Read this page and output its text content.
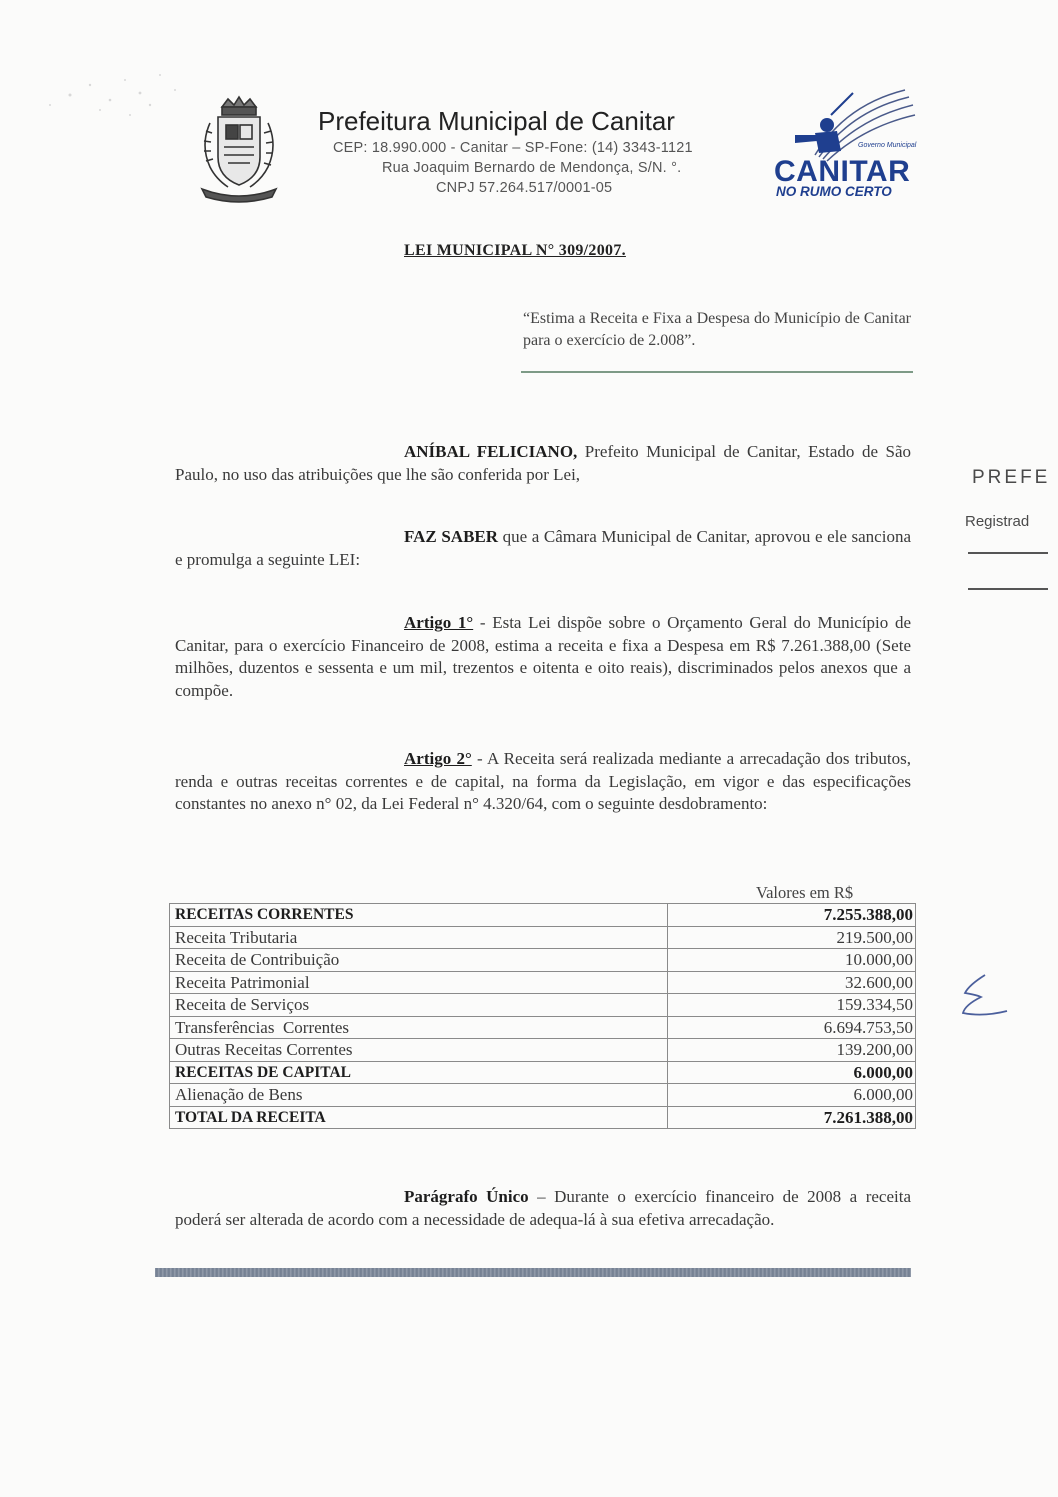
Prefeitura Municipal de Canitar
CEP: 18.990.000 - Canitar – SP-Fone: (14) 3343-1121
Rua Joaquim Bernardo de Mendonça, S/N. °.
CNPJ 57.264.517/0001-05
Governo Municipal
CANITAR
NO RUMO CERTO
LEI MUNICIPAL N° 309/2007.
“Estima a Receita e Fixa a Despesa do Município de Canitar para o exercício de 2.008”.
ANÍBAL FELICIANO, Prefeito Municipal de Canitar, Estado de São Paulo, no uso das atribuições que lhe são conferida por Lei,
FAZ SABER que a Câmara Municipal de Canitar, aprovou e ele sanciona e promulga a seguinte LEI:
Artigo 1° - Esta Lei dispõe sobre o Orçamento Geral do Município de Canitar, para o exercício Financeiro de 2008, estima a receita e fixa a Despesa em R$ 7.261.388,00 (Sete milhões, duzentos e sessenta e um mil, trezentos e oitenta e oito reais), discriminados pelos anexos que a compõe.
Artigo 2° - A Receita será realizada mediante a arrecadação dos tributos, renda e outras receitas correntes e de capital, na forma da Legislação, em vigor e das especificações constantes no anexo n° 02, da Lei Federal n° 4.320/64, com o seguinte desdobramento:
Valores em R$
RECEITAS CORRENTES	7.255.388,00
Receita Tributaria	219.500,00
Receita de Contribuição	10.000,00
Receita Patrimonial	32.600,00
Receita de Serviços	159.334,50
Transferências  Correntes	6.694.753,50
Outras Receitas Correntes	139.200,00
RECEITAS DE CAPITAL	6.000,00
Alienação de Bens	6.000,00
TOTAL DA RECEITA	7.261.388,00
Parágrafo Único – Durante o exercício financeiro de 2008 a receita poderá ser alterada de acordo com a necessidade de adequa-lá à sua efetiva arrecadação.
PREFE
Registrad
